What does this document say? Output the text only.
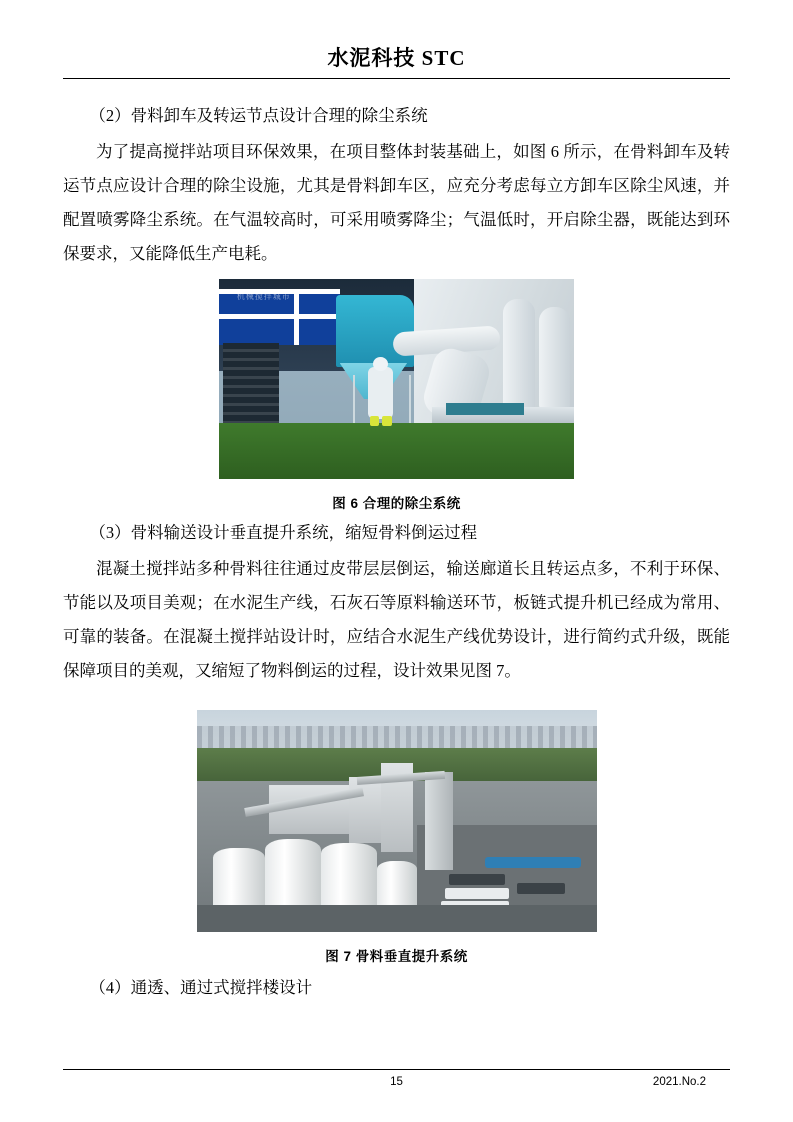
水泥科技 STC

（2）骨料卸车及转运节点设计合理的除尘系统

为了提高搅拌站项目环保效果，在项目整体封装基础上，如图 6 所示，在骨料卸车及转运节点应设计合理的除尘设施，尤其是骨料卸车区，应充分考虑每立方卸车区除尘风速，并配置喷雾降尘系统。在气温较高时，可采用喷雾降尘；气温低时，开启除尘器，既能达到环保要求，又能降低生产电耗。

机械搅拌城市
图 6 合理的除尘系统

（3）骨料输送设计垂直提升系统，缩短骨料倒运过程

混凝土搅拌站多种骨料往往通过皮带层层倒运，输送廊道长且转运点多，不利于环保、节能以及项目美观；在水泥生产线，石灰石等原料输送环节，板链式提升机已经成为常用、可靠的装备。在混凝土搅拌站设计时，应结合水泥生产线优势设计，进行简约式升级，既能保障项目的美观，又缩短了物料倒运的过程，设计效果见图 7。

图 7 骨料垂直提升系统

（4）通透、通过式搅拌楼设计

15	2021.No.2
